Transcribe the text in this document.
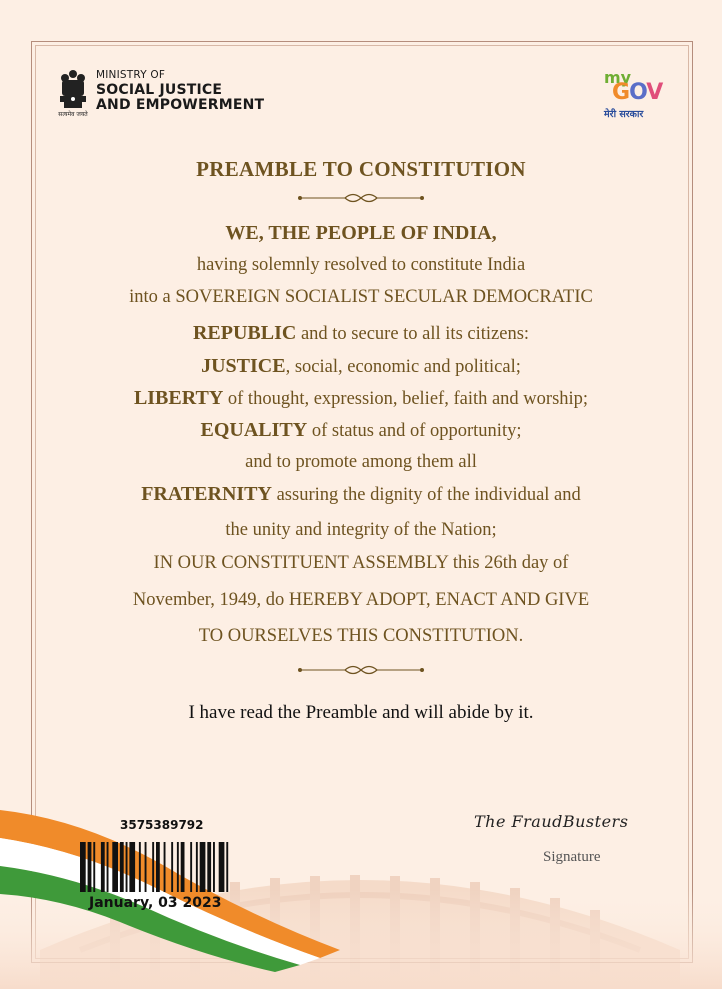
सत्यमेव जयते
MINISTRY OF
SOCIAL JUSTICE
AND EMPOWERMENT
my
GOV
मेरी सरकार
PREAMBLE TO CONSTITUTION
WE, THE PEOPLE OF INDIA,
having solemnly resolved to constitute India
into a SOVEREIGN SOCIALIST SECULAR DEMOCRATIC
REPUBLIC and to secure to all its citizens:
JUSTICE, social, economic and political;
LIBERTY of thought, expression, belief, faith and worship;
EQUALITY of status and of opportunity;
and to promote among them all
FRATERNITY assuring the dignity of the individual and
the unity and integrity of the Nation;
IN OUR CONSTITUENT ASSEMBLY this 26th day of
November, 1949, do HEREBY ADOPT, ENACT AND GIVE
TO OURSELVES THIS CONSTITUTION.
I have read the Preamble and will abide by it.
3575389792
January, 03 2023
The FraudBusters
Signature
